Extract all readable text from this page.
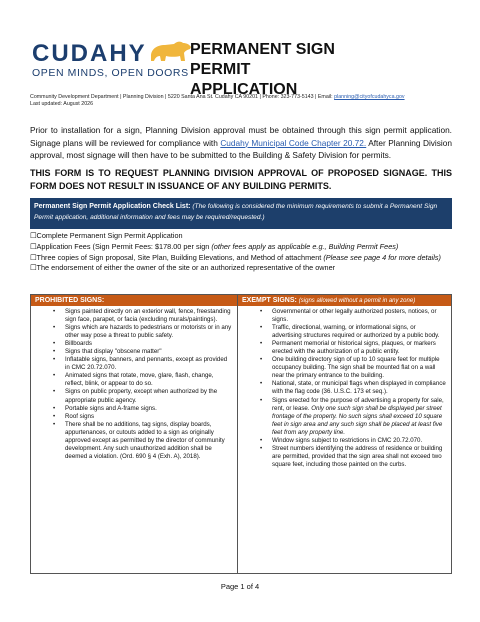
CUDAHY
OPEN MINDS, OPEN DOORS
PERMANENT SIGN PERMIT APPLICATION
Community Development Department | Planning Division | 5220 Santa Ana St. Cudahy CA 90201 | Phone: 323-773-5143 | Email: planning@cityofcudahyca.gov
Last updated: August 2026
Prior to installation for a sign, Planning Division approval must be obtained through this sign permit application. Signage plans will be reviewed for compliance with Cudahy Municipal Code Chapter 20.72. After Planning Division approval, most signage will then have to be submitted to the Building & Safety Division for permits.
THIS FORM IS TO REQUEST PLANNING DIVISION APPROVAL OF PROPOSED SIGNAGE. THIS FORM DOES NOT RESULT IN ISSUANCE OF ANY BUILDING PERMITS.
Permanent Sign Permit Application Check List: (The following is considered the minimum requirements to submit a Permanent Sign Permit application, additional information and fees may be required/requested.)
☐Complete Permanent Sign Permit Application
☐Application Fees (Sign Permit Fees: $178.00 per sign (other fees apply as applicable e.g., Building Permit Fees)
☐Three copies of Sign proposal, Site Plan, Building Elevations, and Method of attachment (Please see page 4 for more details)
☐The endorsement of either the owner of the site or an authorized representative of the owner
PROHIBITED SIGNS:
• Signs painted directly on an exterior wall, fence, freestanding sign face, parapet, or facia (excluding murals/paintings).
• Signs which are hazards to pedestrians or motorists or in any other way pose a threat to public safety.
• Billboards
• Signs that display "obscene matter"
• Inflatable signs, banners, and pennants, except as provided in CMC 20.72.070.
• Animated signs that rotate, move, glare, flash, change, reflect, blink, or appear to do so.
• Signs on public property, except when authorized by the appropriate public agency.
• Portable signs and A-frame signs.
• Roof signs
• There shall be no additions, tag signs, display boards, appurtenances, or cutouts added to a sign as originally approved except as permitted by the director of community development. Any such unauthorized addition shall be deemed a violation. (Ord. 690 § 4 (Exh. A), 2018).
EXEMPT SIGNS: (signs allowed without a permit in any zone)
• Governmental or other legally authorized posters, notices, or signs.
• Traffic, directional, warning, or informational signs, or advertising structures required or authorized by a public body.
• Permanent memorial or historical signs, plaques, or markers erected with the authorization of a public entity.
• One building directory sign of up to 10 square feet for multiple occupancy building. The sign shall be mounted flat on a wall near the primary entrance to the building.
• National, state, or municipal flags when displayed in compliance with the flag code (36. U.S.C. 173 et seq.).
• Signs erected for the purpose of advertising a property for sale, rent, or lease. Only one such sign shall be displayed per street frontage of the property. No such signs shall exceed 10 square feet in sign area and any such sign shall be placed at least five feet from any property line.
• Window signs subject to restrictions in CMC 20.72.070.
• Street numbers identifying the address of residence or building are permitted, provided that the sign area shall not exceed two square feet, including those painted on the curbs.
Page 1 of 4
